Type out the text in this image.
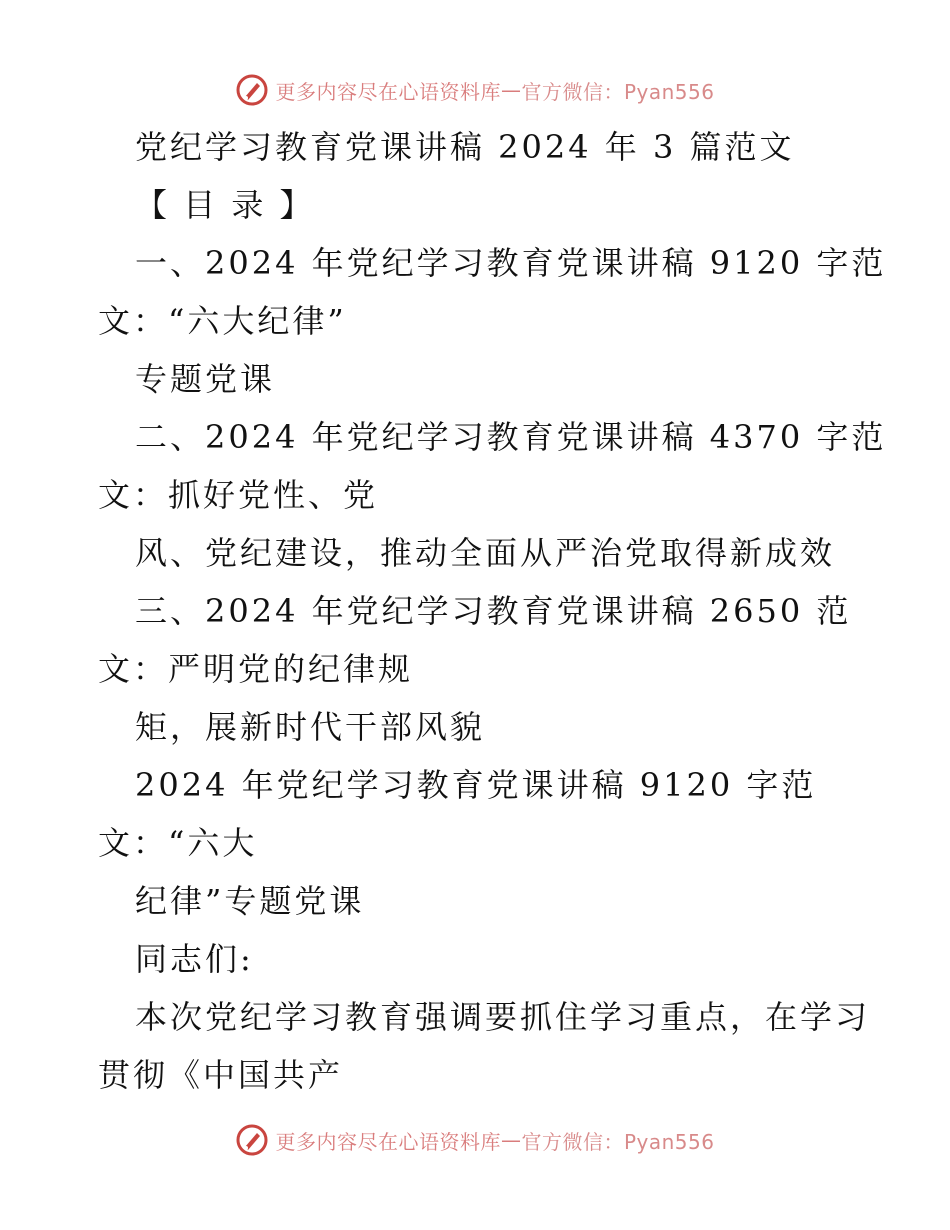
更多内容尽在心语资料库 — 官方微信：Pyan556
党纪学习教育党课讲稿 2024 年 3 篇范文
【 目 录 】
一、2024 年党纪学习教育党课讲稿 9120 字范
文：“六大纪律”
专题党课
二、2024 年党纪学习教育党课讲稿 4370 字范
文：抓好党性、党
风、党纪建设，推动全面从严治党取得新成效
三、2024 年党纪学习教育党课讲稿 2650 范
文：严明党的纪律规
矩，展新时代干部风貌
2024 年党纪学习教育党课讲稿 9120 字范
文：“六大
纪律”专题党课
同志们:
本次党纪学习教育强调要抓住学习重点，在学习
贯彻《中国共产
更多内容尽在心语资料库 — 官方微信：Pyan556
